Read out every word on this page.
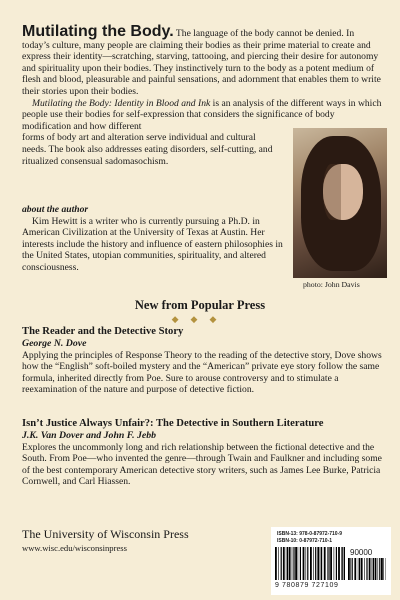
Mutilating the Body. The language of the body cannot be denied. In today’s culture, many people are claiming their bodies as their prime material to create and express their identity—scratching, starving, tattooing, and piercing their desire for autonomy and spirituality upon their bodies. They instinctively turn to the body as a potent medium of flesh and blood, pleasurable and painful sensations, and adornment that enables them to write their stories upon their bodies.

Mutilating the Body: Identity in Blood and Ink is an analysis of the different ways in which people use their bodies for self-expression that considers the significance of body modification and how different

forms of body art and alteration serve individual and cultural needs. The book also addresses eating disorders, self-cutting, and ritualized consensual sadomasochism.

photo: John Davis
about the author

Kim Hewitt is a writer who is currently pursuing a Ph.D. in American Civilization at the University of Texas at Austin. Her interests include the history and influence of eastern philosophies in the United States, utopian communities, spirituality, and altered consciousness.

New from Popular Press
◆◆◆
The Reader and the Detective Story
George N. Dove

Applying the principles of Response Theory to the reading of the detective story, Dove shows how the “English” soft-boiled mystery and the “American” private eye story follow the same formula, inherited directly from Poe. Sure to arouse controversy and to stimulate a reexamination of the nature and purpose of detective fiction.

Isn’t Justice Always Unfair?: The Detective in Southern Literature
J.K. Van Dover and John F. Jebb

Explores the uncommonly long and rich relationship between the fictional detective and the South. From Poe—who invented the genre—through Twain and Faulkner and including some of the best contemporary American detective story writers, such as James Lee Burke, Patricia Cornwell, and Carl Hiassen.

The University of Wisconsin Press
www.wisc.edu/wisconsinpress
ISBN-13: 978-0-87972-710-9
ISBN-10: 0-87972-710-1
90000
9 780879 727109
